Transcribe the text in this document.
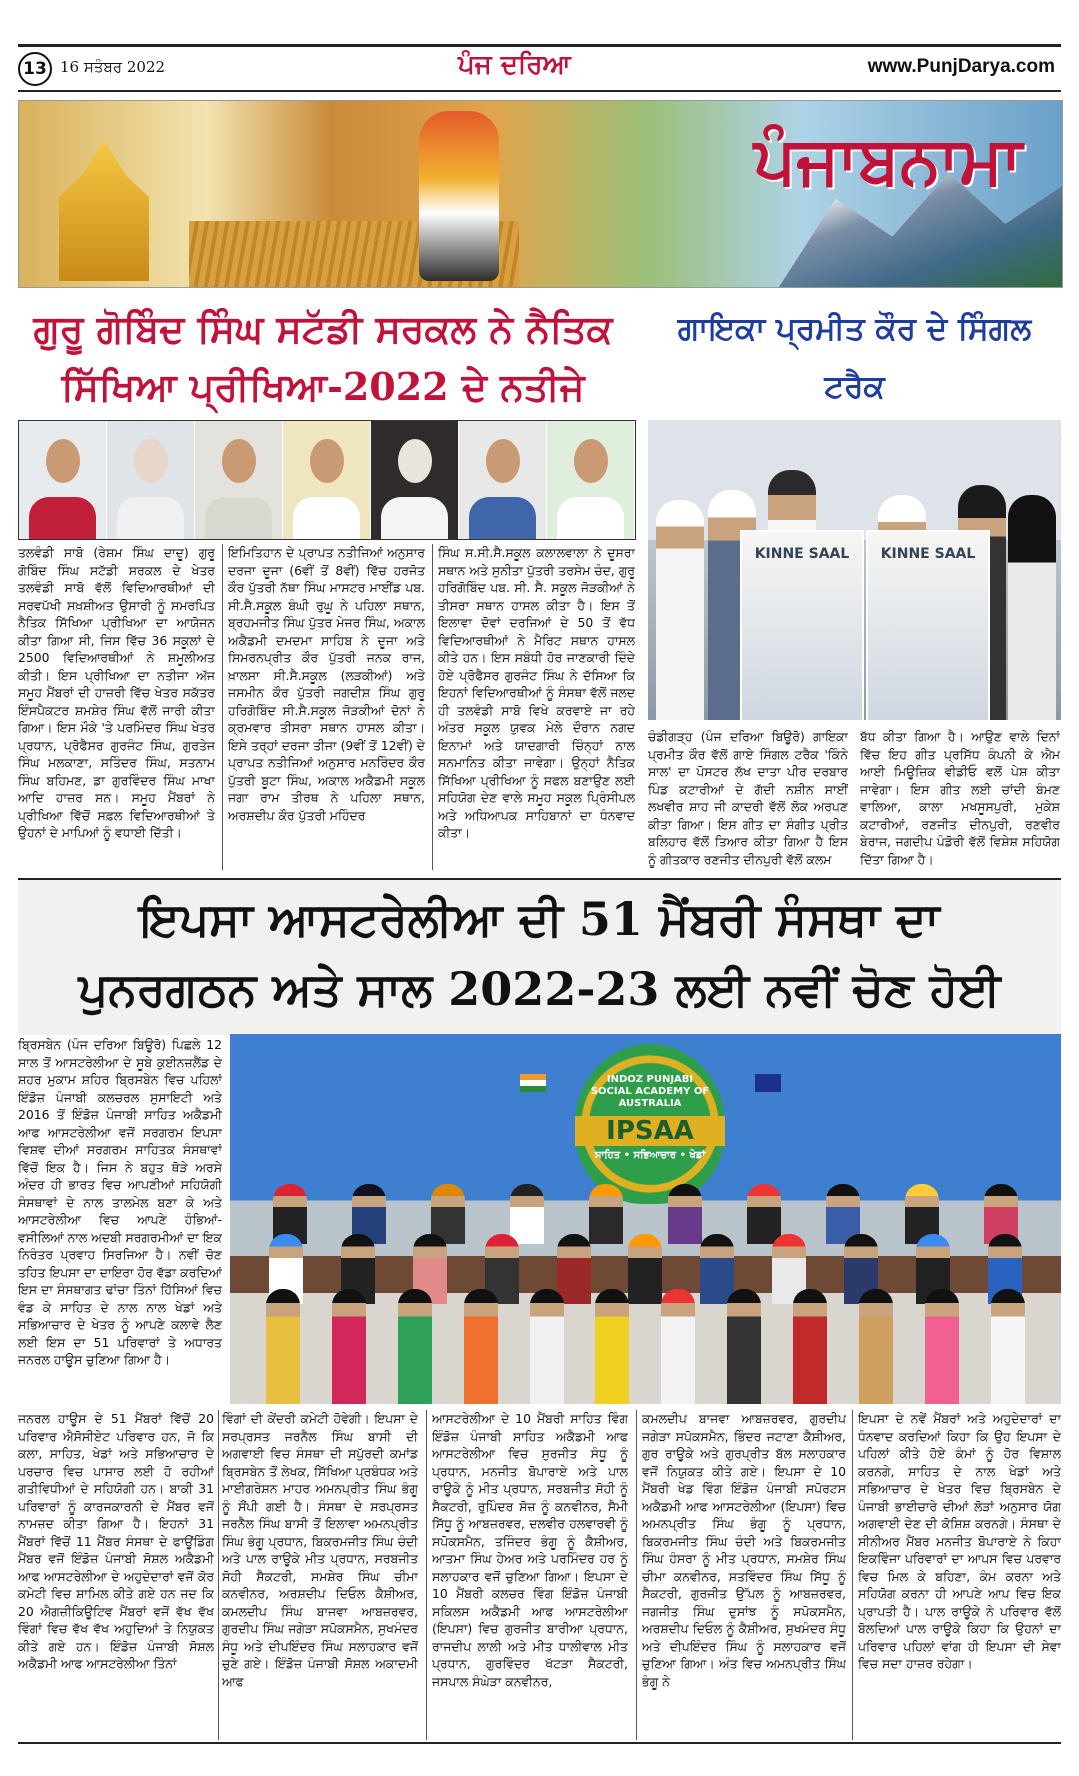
13 16 ਸਤੰਬਰ 2022	ਪੰਜ ਦਰਿਆ	www.PunjDarya.com
ਪੰਜਾਬਨਾਮਾ
ਗੁਰੂ ਗੋਬਿੰਦ ਸਿੰਘ ਸਟੱਡੀ ਸਰਕਲ ਨੇ ਨੈਤਿਕ
ਸਿੱਖਿਆ ਪ੍ਰੀਖਿਆ-2022 ਦੇ ਨਤੀਜੇ
ਗਾਇਕਾ ਪ੍ਰਮੀਤ ਕੌਰ ਦੇ ਸਿੰਗਲ ਟਰੈਕ
KINNE SAAL	KINNE SAAL
ਤਲਵੰਡੀ ਸਾਬੋ (ਰੇਸ਼ਮ ਸਿੰਘ ਦਾਦੂ) ਗੁਰੂ ਗੋਬਿੰਦ ਸਿੰਘ ਸਟੱਡੀ ਸਰਕਲ ਦੇ ਖੇਤਰ ਤਲਵੰਡੀ ਸਾਬੋ ਵੱਲੋਂ ਵਿਦਿਆਰਥੀਆਂ ਦੀ ਸਰਵਪੱਖੀ ਸਖ਼ਸ਼ੀਅਤ ਉਸਾਰੀ ਨੂੰ ਸਮਰਪਿਤ ਨੈਤਿਕ ਸਿੱਖਿਆ ਪ੍ਰੀਖਿਆ ਦਾ ਆਯੋਜਨ ਕੀਤਾ ਗਿਆ ਸੀ, ਜਿਸ ਵਿੱਚ 36 ਸਕੂਲਾਂ ਦੇ 2500 ਵਿਦਿਆਰਥੀਆਂ ਨੇ ਸ਼ਮੂਲੀਅਤ ਕੀਤੀ। ਇਸ ਪ੍ਰੀਖਿਆ ਦਾ ਨਤੀਜਾ ਅੱਜ ਸਮੂਹ ਮੈਂਬਰਾਂ ਦੀ ਹਾਜ਼ਰੀ ਵਿੱਚ ਖੇਤਰ ਸਕੱਤਰ ਇੰਸਪੈਕਟਰ ਸ਼ਮਸ਼ੇਰ ਸਿੰਘ ਵੱਲੋਂ ਜਾਰੀ ਕੀਤਾ ਗਿਆ। ਇਸ ਮੌਕੇ 'ਤੇ ਪਰਮਿੰਦਰ ਸਿੰਘ ਖੇਤਰ ਪ੍ਰਧਾਨ, ਪ੍ਰੋਫੈਸਰ ਗੁਰਜੰਟ ਸਿੰਘ, ਗੁਰਤੇਜ ਸਿੰਘ ਮਲਕਾਣਾ, ਸਤਿੰਦਰ ਸਿੰਘ, ਸਤਨਾਮ ਸਿੰਘ ਬਹਿਮਣ, ਡਾ ਗੁਰਵਿੰਦਰ ਸਿੰਘ ਮਾਖਾ ਆਦਿ ਹਾਜ਼ਰ ਸਨ। ਸਮੂਹ ਮੈਂਬਰਾਂ ਨੇ ਪ੍ਰੀਖਿਆ ਵਿੱਚੋਂ ਸਫ਼ਲ ਵਿਦਿਆਰਥੀਆਂ ਤੇ ਉਹਨਾਂ ਦੇ ਮਾਪਿਆਂ ਨੂੰ ਵਧਾਈ ਦਿੱਤੀ।
ਇਮਿਤਿਹਾਨ ਦੇ ਪ੍ਰਾਪਤ ਨਤੀਜਿਆਂ ਅਨੁਸਾਰ ਦਰਜਾ ਦੂਜਾ (6ਵੀਂ ਤੋਂ 8ਵੀਂ) ਵਿੱਚ ਹਰਜੋਤ ਕੌਰ ਪੁੱਤਰੀ ਨੱਥਾ ਸਿੰਘ ਮਾਸਟਰ ਮਾਈਂਡ ਪਬ. ਸੀ.ਸੈ.ਸਕੂਲ ਬੰਘੀ ਰੁਘੂ ਨੇ ਪਹਿਲਾ ਸਥਾਨ, ਬ੍ਰਹਮਜੀਤ ਸਿੰਘ ਪੁੱਤਰ ਮੇਜਰ ਸਿੰਘ, ਅਕਾਲ ਅਕੈਡਮੀ ਦਮਦਮਾ ਸਾਹਿਬ ਨੇ ਦੂਜਾ ਅਤੇ ਸਿਮਰਨਪ੍ਰੀਤ ਕੌਰ ਪੁੱਤਰੀ ਜਨਕ ਰਾਜ, ਖ਼ਾਲਸਾ ਸੀ.ਸੈ.ਸਕੂਲ (ਲੜਕੀਆਂ) ਅਤੇ ਜਸਮੀਨ ਕੌਰ ਪੁੱਤਰੀ ਜਗਦੀਸ਼ ਸਿੰਘ ਗੁਰੂ ਹਰਿਗੋਬਿੰਦ ਸੀ.ਸੈ.ਸਕੂਲ ਜੋੜਕੀਆਂ ਦੋਨਾਂ ਨੇ ਕ੍ਰਮਵਾਰ ਤੀਸਰਾ ਸਥਾਨ ਹਾਸਲ ਕੀਤਾ। ਇਸੇ ਤਰ੍ਹਾਂ ਦਰਜਾ ਤੀਜਾ (9ਵੀਂ ਤੋਂ 12ਵੀਂ) ਦੇ ਪ੍ਰਾਪਤ ਨਤੀਜਿਆਂ ਅਨੁਸਾਰ ਮਨਰਿੰਦਰ ਕੌਰ ਪੁੱਤਰੀ ਬੂਟਾ ਸਿੰਘ, ਅਕਾਲ ਅਕੈਡਮੀ ਸਕੂਲ ਜਗਾ ਰਾਮ ਤੀਰਥ ਨੇ ਪਹਿਲਾ ਸਥਾਨ, ਅਰਸ਼ਦੀਪ ਕੌਰ ਪੁੱਤਰੀ ਮਹਿੰਦਰ
ਸਿੰਘ ਸ.ਸੀ.ਸੈ.ਸਕੂਲ ਕਲਾਲਵਾਲਾ ਨੇ ਦੂਸਰਾ ਸਥਾਨ ਅਤੇ ਸੁਨੀਤਾ ਪੁੱਤਰੀ ਤਰਸੇਮ ਚੰਦ, ਗੁਰੂ ਹਰਿਗੋਬਿੰਦ ਪਬ. ਸੀ. ਸੈ. ਸਕੂਲ ਜੋੜਕੀਆਂ ਨੇ ਤੀਸਰਾ ਸਥਾਨ ਹਾਸਲ ਕੀਤਾ ਹੈ। ਇਸ ਤੋਂ ਇਲਾਵਾ ਦੋਵਾਂ ਦਰਜਿਆਂ ਦੇ 50 ਤੋਂ ਵੱਧ ਵਿਦਿਆਰਥੀਆਂ ਨੇ ਮੈਰਿਟ ਸਥਾਨ ਹਾਸਲ ਕੀਤੇ ਹਨ। ਇਸ ਸਬੰਧੀ ਹੋਰ ਜਾਣਕਾਰੀ ਦਿੰਦੇ ਹੋਏ ਪ੍ਰੋਫੈਸਰ ਗੁਰਜੰਟ ਸਿੰਘ ਨੇ ਦੱਸਿਆ ਕਿ ਇਹਨਾਂ ਵਿਦਿਆਰਥੀਆਂ ਨੂੰ ਸੰਸਥਾ ਵੱਲੋਂ ਜਲਦ ਹੀ ਤਲਵੰਡੀ ਸਾਬੋ ਵਿਖੇ ਕਰਵਾਏ ਜਾ ਰਹੇ ਅੰਤਰ ਸਕੂਲ ਯੁਵਕ ਮੇਲੇ ਦੌਰਾਨ ਨਗਦ ਇਨਾਮਾਂ ਅਤੇ ਯਾਦਗਾਰੀ ਚਿੰਨ੍ਹਾਂ ਨਾਲ ਸਨਮਾਨਿਤ ਕੀਤਾ ਜਾਵੇਗਾ। ਉਨ੍ਹਾਂ ਨੈਤਿਕ ਸਿੱਖਿਆ ਪ੍ਰੀਖਿਆ ਨੂੰ ਸਫਲ ਬਣਾਉਣ ਲਈ ਸਹਿਯੋਗ ਦੇਣ ਵਾਲੇ ਸਮੂਹ ਸਕੂਲ ਪ੍ਰਿੰਸੀਪਲ ਅਤੇ ਅਧਿਆਪਕ ਸਾਹਿਬਾਨਾਂ ਦਾ ਧੰਨਵਾਦ ਕੀਤਾ।
ਚੰਡੀਗੜ੍ਹ (ਪੰਜ ਦਰਿਆ ਬਿਊਰੋ) ਗਾਇਕਾ ਪ੍ਰਮੀਤ ਕੌਰ ਵੱਲੋਂ ਗਾਏ ਸਿੰਗਲ ਟਰੈਕ 'ਕਿੰਨੇ ਸਾਲ' ਦਾ ਪੋਸਟਰ ਲੱਖ ਦਾਤਾ ਪੀਰ ਦਰਬਾਰ ਪਿੰਡ ਕਟਾਰੀਆਂ ਦੇ ਗੱਦੀ ਨਸ਼ੀਨ ਸਾਈਂ ਲਖਵੀਰ ਸ਼ਾਹ ਜੀ ਕਾਦਰੀ ਵੱਲੋਂ ਲੋਕ ਅਰਪਣ ਕੀਤਾ ਗਿਆ। ਇਸ ਗੀਤ ਦਾ ਸੰਗੀਤ ਪ੍ਰੀਤ ਬਲਿਹਾਰ ਵੱਲੋਂ ਤਿਆਰ ਕੀਤਾ ਗਿਆ ਹੈ ਇਸ ਨੂੰ ਗੀਤਕਾਰ ਰਣਜੀਤ ਦੀਨਪੁਰੀ ਵੱਲੋਂ ਕਲਮ
ਬੱਧ ਕੀਤਾ ਗਿਆ ਹੈ। ਆਉਣ ਵਾਲੇ ਦਿਨਾਂ ਵਿੱਚ ਇਹ ਗੀਤ ਪ੍ਰਸਿੱਧ ਕੰਪਨੀ ਕੇ ਐਮ ਆਈ ਮਿਊਜ਼ਿਕ ਵੀਡੀਓ ਵਲੋਂ ਪੇਸ਼ ਕੀਤਾ ਜਾਵੇਗਾ। ਇਸ ਗੀਤ ਲਈ ਚਾਂਦੀ ਬੰਮਣ ਵਾਲਿਆ, ਕਾਲਾ ਮਖਸੂਸਪੁਰੀ, ਮੁਕੇਸ਼ ਕਟਾਰੀਆਂ, ਰਣਜੀਤ ਦੀਨਪੁਰੀ, ਰਣਵੀਰ ਬੇਰਾਜ, ਜਗਦੀਪ ਪੰਡੋਰੀ ਵੱਲੋਂ ਵਿਸ਼ੇਸ਼ ਸਹਿਯੋਗ ਦਿੱਤਾ ਗਿਆ ਹੈ।
ਇਪਸਾ ਆਸਟਰੇਲੀਆ ਦੀ 51 ਮੈਂਬਰੀ ਸੰਸਥਾ ਦਾ
ਪੁਨਰਗਠਨ ਅਤੇ ਸਾਲ 2022-23 ਲਈ ਨਵੀਂ ਚੋਣ ਹੋਈ
ਬ੍ਰਿਸਬੇਨ (ਪੰਜ ਦਰਿਆ ਬਿਊਰੋ) ਪਿਛਲੇ 12 ਸਾਲ ਤੋਂ ਆਸਟਰੇਲੀਆ ਦੇ ਸੂਬੇ ਕੁਈਨਜ਼ਲੈਂਡ ਦੇ ਸ਼ਹਰ ਮੁਕਾਮ ਸ਼ਹਿਰ ਬ੍ਰਿਸਬੇਨ ਵਿਚ ਪਹਿਲਾਂ ਇੰਡੋਜ਼ ਪੰਜਾਬੀ ਕਲਚਰਲ ਸੁਸਾਇਟੀ ਅਤੇ 2016 ਤੋਂ ਇੰਡੋਜ਼ ਪੰਜਾਬੀ ਸਾਹਿਤ ਅਕੈਡਮੀ ਆਫ ਆਸਟਰੇਲੀਆ ਵਜੋਂ ਸਰਗਰਮ ਇਪਸਾ ਵਿਸ਼ਵ ਦੀਆਂ ਸਰਗਰਮ ਸਾਹਿਤਕ ਸੰਸਥਾਵਾਂ ਵਿੱਚੋਂ ਇਕ ਹੈ। ਜਿਸ ਨੇ ਬਹੁਤ ਥੋੜੇ ਅਰਸੇ ਅੰਦਰ ਹੀ ਭਾਰਤ ਵਿਚ ਆਪਣੀਆਂ ਸਹਿਯੋਗੀ ਸੰਸਥਾਵਾਂ ਦੇ ਨਾਲ ਤਾਲਮੇਲ ਬਣਾ ਕੇ ਅਤੇ ਆਸਟਰੇਲੀਆ ਵਿਚ ਆਪਣੇ ਹੰਭਿਆਂ-ਵਸੀਲਿਆਂ ਨਾਲ ਅਦਬੀ ਸਰਗਰਮੀਆਂ ਦਾ ਇਕ ਨਿਰੰਤਰ ਪ੍ਰਵਾਹ ਸਿਰਜਿਆ ਹੈ। ਨਵੀਂ ਚੋਣ ਤਹਿਤ ਇਪਸਾ ਦਾ ਦਾਇਰਾ ਹੋਰ ਵੱਡਾ ਕਰਦਿਆਂ ਇਸ ਦਾ ਸੰਸਥਾਗਤ ਢਾਂਚਾ ਤਿੰਨਾਂ ਹਿੱਸਿਆਂ ਵਿਚ ਵੰਡ ਕੇ ਸਾਹਿਤ ਦੇ ਨਾਲ ਨਾਲ ਖੇਡਾਂ ਅਤੇ ਸਭਿਆਚਾਰ ਦੇ ਖੇਤਰ ਨੂੰ ਆਪਣੇ ਕਲਾਵੇ ਲੈਣ ਲਈ ਇਸ ਦਾ 51 ਪਰਿਵਾਰਾਂ ਤੇ ਅਧਾਰਤ ਜਨਰਲ ਹਾਊਸ ਚੁਣਿਆ ਗਿਆ ਹੈ।
INDOZ PUNJABI SOCIAL ACADEMY OF AUSTRALIA
IPSAA
ਸਾਹਿਤ • ਸਭਿਆਚਾਰ • ਖੇਡਾਂ
ਜਨਰਲ ਹਾਊਸ ਦੇ 51 ਮੈਂਬਰਾਂ ਵਿੱਚੋਂ 20 ਪਰਿਵਾਰ ਐਸੋਸੀਏਟ ਪਰਿਵਾਰ ਹਨ, ਜੋ ਕਿ ਕਲਾ, ਸਾਹਿਤ, ਖੇਡਾਂ ਅਤੇ ਸਭਿਆਚਾਰ ਦੇ ਪਰਚਾਰ ਵਿਚ ਪਾਸਾਰ ਲਈ ਹੋ ਰਹੀਆਂ ਗਤੀਵਿਧੀਆਂ ਦੇ ਸਹਿਯੋਗੀ ਹਨ। ਬਾਕੀ 31 ਪਰਿਵਾਰਾਂ ਨੂੰ ਕਾਰਜਕਾਰਨੀ ਦੇ ਮੈਂਬਰ ਵਜੋਂ ਨਾਮਜ਼ਦ ਕੀਤਾ ਗਿਆ ਹੈ। ਇਹਨਾਂ 31 ਮੈਂਬਰਾਂ ਵਿੱਚੋਂ 11 ਮੈਂਬਰ ਸੰਸਥਾ ਦੇ ਫਾਊਂਡਿੰਗ ਮੈਂਬਰ ਵਜੋਂ ਇੰਡੋਜ਼ ਪੰਜਾਬੀ ਸੋਸ਼ਲ ਅਕੈਡਮੀ ਆਫ ਆਸਟਰੇਲੀਆ ਦੇ ਅਹੁਦੇਦਾਰਾਂ ਵਜੋਂ ਕੋਰ ਕਮੇਟੀ ਵਿਚ ਸ਼ਾਮਿਲ ਕੀਤੇ ਗਏ ਹਨ ਜਦ ਕਿ 20 ਐਗਜ਼ੀਕਿਊਟਿਵ ਮੈਂਬਰਾਂ ਵਜੋਂ ਵੱਖ ਵੱਖ ਵਿੰਗਾਂ ਵਿਚ ਵੱਖ ਵੱਖ ਅਹੁਦਿਆਂ ਤੇ ਨਿਯੁਕਤ ਕੀਤੇ ਗਏ ਹਨ। ਇੰਡੋਜ਼ ਪੰਜਾਬੀ ਸੋਸ਼ਲ ਅਕੈਡਮੀ ਆਫ ਆਸਟਰੇਲੀਆ ਤਿੰਨਾਂ
ਵਿੰਗਾਂ ਦੀ ਕੇਂਦਰੀ ਕਮੇਟੀ ਹੋਵੇਗੀ। ਇਪਸਾ ਦੇ ਸਰਪ੍ਰਸਤ ਜਰਨੈਲ ਸਿੰਘ ਬਾਸੀ ਦੀ ਅਗਵਾਈ ਵਿਚ ਸੰਸਥਾ ਦੀ ਸਪੁੱਰਦੀ ਕਮਾਂਡ ਬ੍ਰਿਸਬੇਨ ਤੋਂ ਲੇਖਕ, ਸਿੱਖਿਆ ਪ੍ਰਬੰਧਕ ਅਤੇ ਮਾਈਗਰੇਸ਼ਨ ਮਾਹਰ ਅਮਨਪ੍ਰੀਤ ਸਿੰਘ ਭੰਗੂ ਨੂੰ ਸੌਂਪੀ ਗਈ ਹੈ। ਸੰਸਥਾ ਦੇ ਸਰਪ੍ਰਸਤ ਜਰਨੈਲ ਸਿੰਘ ਬਾਸੀ ਤੋਂ ਇਲਾਵਾ ਅਮਨਪ੍ਰੀਤ ਸਿੰਘ ਭੰਗੂ ਪ੍ਰਧਾਨ, ਬਿਕਰਮਜੀਤ ਸਿੰਘ ਚੰਦੀ ਅਤੇ ਪਾਲ ਰਾਊਕੇ ਮੀਤ ਪ੍ਰਧਾਨ, ਸਰਬਜੀਤ ਸੋਹੀ ਸੈਕਟਰੀ, ਸਮਸ਼ੇਰ ਸਿੰਘ ਚੀਮਾ ਕਨਵੀਨਰ, ਅਰਸ਼ਦੀਪ ਦਿਓਲ ਕੈਸ਼ੀਅਰ, ਕਮਲਦੀਪ ਸਿੰਘ ਬਾਜਵਾ ਆਬਜ਼ਰਵਰ, ਗੁਰਦੀਪ ਸਿੰਘ ਜਗੇੜਾ ਸਪੋਕਸਮੈਨ, ਸੁਖਮੰਦਰ ਸੰਧੂ ਅਤੇ ਦੀਪਇੰਦਰ ਸਿੰਘ ਸਲਾਹਕਾਰ ਵਜੋਂ ਚੁਣੇ ਗਏ। ਇੰਡੋਜ਼ ਪੰਜਾਬੀ ਸੋਸ਼ਲ ਅਕਾਦਮੀ ਆਫ
ਆਸਟਰੇਲੀਆ ਦੇ 10 ਮੈਂਬਰੀ ਸਾਹਿਤ ਵਿੰਗ ਇੰਡੋਜ਼ ਪੰਜਾਬੀ ਸਾਹਿਤ ਅਕੈਡਮੀ ਆਫ ਆਸਟਰੇਲੀਆ ਵਿਚ ਸੁਰਜੀਤ ਸੰਧੂ ਨੂੰ ਪ੍ਰਧਾਨ, ਮਨਜੀਤ ਬੋਪਾਰਾਏ ਅਤੇ ਪਾਲ ਰਾਊਕੇ ਨੂੰ ਮੀਤ ਪ੍ਰਧਾਨ, ਸਰਬਜੀਤ ਸੋਹੀ ਨੂੰ ਸੈਕਟਰੀ, ਰੁਪਿੰਦਰ ਸੋਜ਼ ਨੂੰ ਕਨਵੀਨਰ, ਸੈਮੀ ਸਿੱਧੂ ਨੂੰ ਆਬਜ਼ਰਵਰ, ਦਲਵੀਰ ਹਲਵਾਰਵੀ ਨੂੰ ਸਪੋਕਸਮੈਨ, ਤਜਿੰਦਰ ਭੰਗੂ ਨੂੰ ਕੈਸ਼ੀਅਰ, ਆਤਮਾ ਸਿੰਘ ਹੇਅਰ ਅਤੇ ਪਰਮਿੰਦਰ ਹਰ ਨੂੰ ਸਲਾਹਕਾਰ ਵਜੋਂ ਚੁਣਿਆ ਗਿਆ। ਇਪਸਾ ਦੇ 10 ਮੈਂਬਰੀ ਕਲਚਰ ਵਿੰਗ ਇੰਡੋਜ਼ ਪੰਜਾਬੀ ਸਕਿਲਸ ਅਕੈਡਮੀ ਆਫ ਆਸਟਰੇਲੀਆ (ਇਪਸਾ) ਵਿਚ ਗੁਰਜੀਤ ਬਾਰੀਆ ਪ੍ਰਧਾਨ, ਰਾਜਦੀਪ ਲਾਲੀ ਅਤੇ ਮੀਤ ਧਾਲੀਵਾਲ ਮੀਤ ਪ੍ਰਧਾਨ, ਗੁਰਵਿੰਦਰ ਖੱਟੜਾ ਸੈਕਟਰੀ, ਜਸਪਾਲ ਸੰਘੇੜਾ ਕਨਵੀਨਰ,
ਕਮਲਦੀਪ ਬਾਜਵਾ ਆਬਜ਼ਰਵਰ, ਗੁਰਦੀਪ ਜਗੇੜਾ ਸਪੋਕਸਮੈਨ, ਭਿੰਦਰ ਜਟਾਣਾ ਕੈਸ਼ੀਅਰ, ਗੁਰ ਰਾਊਕੇ ਅਤੇ ਗੁਰਪ੍ਰੀਤ ਬੱਲ ਸਲਾਹਕਾਰ ਵਜੋਂ ਨਿਯੁਕਤ ਕੀਤੇ ਗਏ। ਇਪਸਾ ਦੇ 10 ਮੈਂਬਰੀ ਖੇਡ ਵਿੰਗ ਇੰਡੋਜ਼ ਪੰਜਾਬੀ ਸਪੋਰਟਸ ਅਕੈਡਮੀ ਆਫ ਆਸਟਰੇਲੀਆ (ਇਪਸਾ) ਵਿਚ ਅਮਨਪ੍ਰੀਤ ਸਿੰਘ ਭੰਗੂ ਨੂੰ ਪ੍ਰਧਾਨ, ਬਿਕਰਮਜੀਤ ਸਿੰਘ ਚੰਦੀ ਅਤੇ ਬਿਕਰਮਜੀਤ ਸਿੰਘ ਹੰਸਰਾ ਨੂੰ ਮੀਤ ਪ੍ਰਧਾਨ, ਸਮਸ਼ੇਰ ਸਿੰਘ ਚੀਮਾ ਕਨਵੀਨਰ, ਸਤਵਿੰਦਰ ਸਿੰਘ ਸਿੱਧੂ ਨੂੰ ਸੈਕਟਰੀ, ਗੁਰਜੀਤ ਉੱਪਲ ਨੂੰ ਆਬਜ਼ਰਵਰ, ਜਗਜੀਤ ਸਿੰਘ ਦੁਸਾਂਝ ਨੂੰ ਸਪੋਕਸਮੈਨ, ਅਰਸ਼ਦੀਪ ਦਿਓਲ ਨੂੰ ਕੈਸ਼ੀਅਰ, ਸੁਖਮੰਦਰ ਸੰਧੂ ਅਤੇ ਦੀਪਇੰਦਰ ਸਿੰਘ ਨੂੰ ਸਲਾਹਕਾਰ ਵਜੋਂ ਚੁਣਿਆ ਗਿਆ। ਅੰਤ ਵਿਚ ਅਮਨਪ੍ਰੀਤ ਸਿੰਘ ਭੰਗੂ ਨੇ
ਇਪਸਾ ਦੇ ਨਵੇਂ ਮੈਂਬਰਾਂ ਅਤੇ ਅਹੁਦੇਦਾਰਾਂ ਦਾ ਧੰਨਵਾਦ ਕਰਦਿਆਂ ਕਿਹਾ ਕਿ ਉਹ ਇਪਸਾ ਦੇ ਪਹਿਲਾਂ ਕੀਤੇ ਹੋਏ ਕੰਮਾਂ ਨੂੰ ਹੋਰ ਵਿਸ਼ਾਲ ਕਰਨਗੇ, ਸਾਹਿਤ ਦੇ ਨਾਲ ਖੇਡਾਂ ਅਤੇ ਸਭਿਆਚਾਰ ਦੇ ਖੇਤਰ ਵਿਚ ਬ੍ਰਿਸਬੇਨ ਦੇ ਪੰਜਾਬੀ ਭਾਈਚਾਰੇ ਦੀਆਂ ਲੋੜਾਂ ਅਨੁਸਾਰ ਯੋਗ ਅਗਵਾਈ ਦੇਣ ਦੀ ਕੋਸ਼ਿਸ਼ ਕਰਨਗੇ। ਸੰਸਥਾ ਦੇ ਸੀਨੀਅਰ ਮੈਂਬਰ ਮਨਜੀਤ ਬੋਪਾਰਾਏ ਨੇ ਕਿਹਾ ਇਕਵਿੰਜਾ ਪਰਿਵਾਰਾਂ ਦਾ ਆਪਸ ਵਿਚ ਪਰਵਾਰ ਵਿਚ ਮਿਲ ਕੇ ਬਹਿਣਾ, ਕੰਮ ਕਰਨਾ ਅਤੇ ਸਹਿਯੋਗ ਕਰਨਾ ਹੀ ਆਪਣੇ ਆਪ ਵਿਚ ਇਕ ਪ੍ਰਾਪਤੀ ਹੈ। ਪਾਲ ਰਾਊਕੇ ਨੇ ਪਰਿਵਾਰ ਵੱਲੋਂ ਬੋਲਦਿਆਂ ਪਾਲ ਰਾਊਕੇ ਕਿਹਾ ਕਿ ਉਹਨਾਂ ਦਾ ਪਰਿਵਾਰ ਪਹਿਲਾਂ ਵਾਂਗ ਹੀ ਇਪਸਾ ਦੀ ਸੇਵਾ ਵਿਚ ਸਦਾ ਹਾਜ਼ਰ ਰਹੇਗਾ।
